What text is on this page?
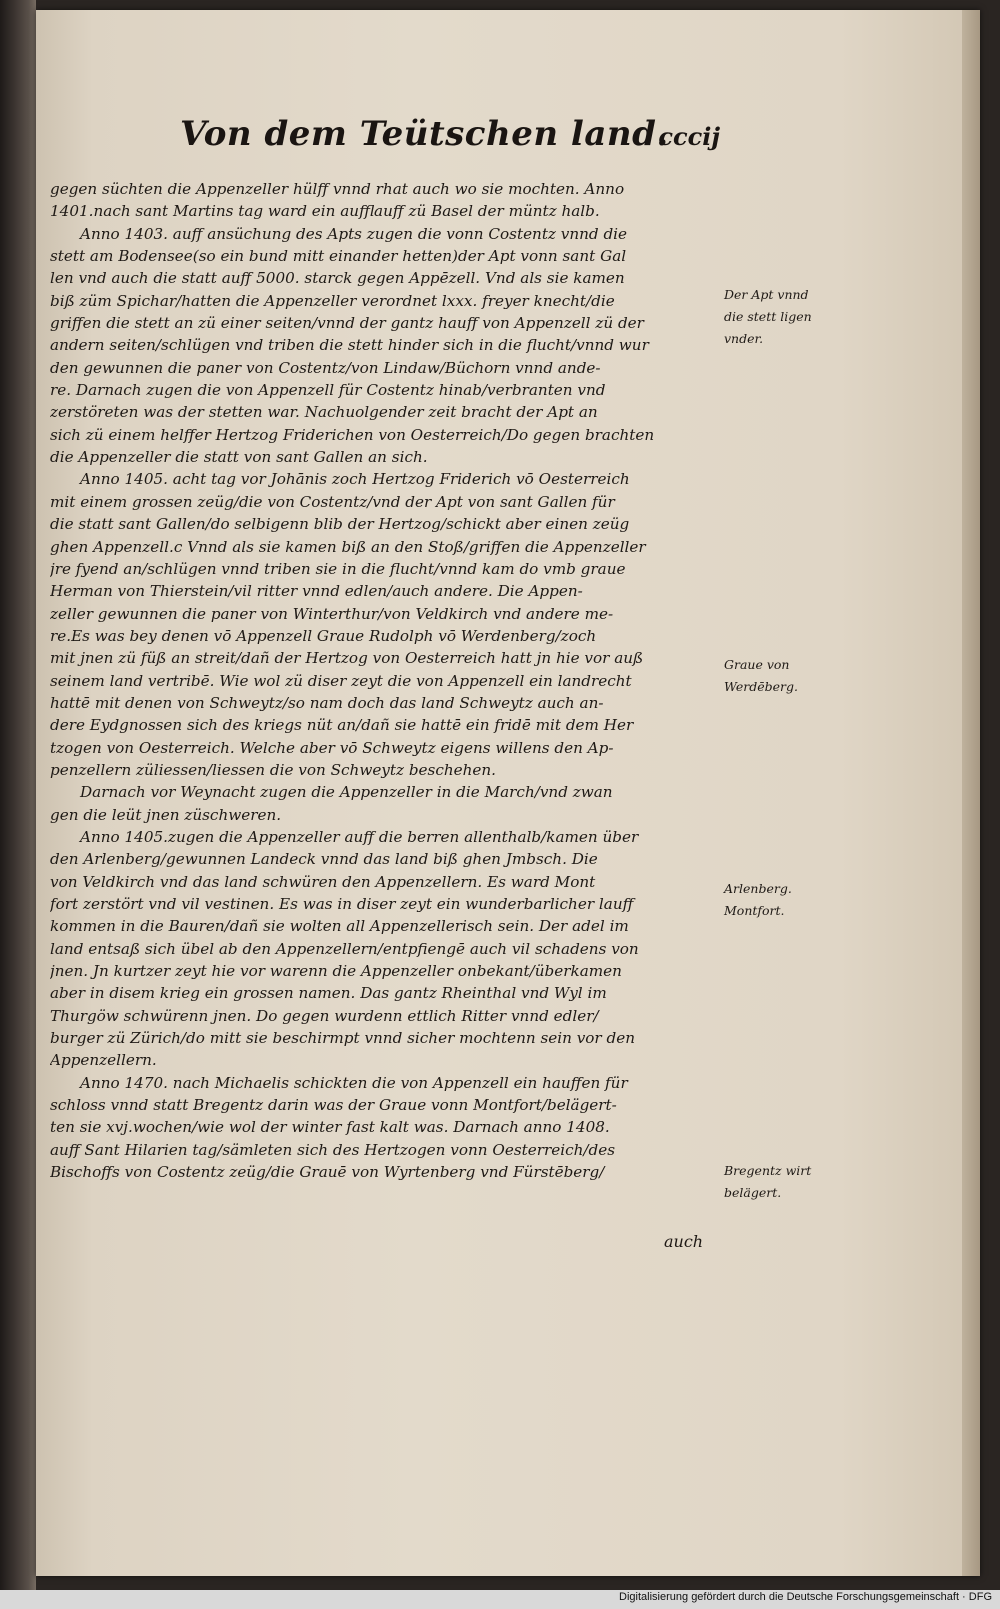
Von dem Teütschen land.
cccij
gegen süchten die Appenzeller hülff vnnd rhat auch wo sie mochten. Anno
1401.nach sant Martins tag ward ein aufflauff zü Basel der müntz halb.
Anno 1403. auff ansüchung des Apts zugen die vonn Costentz vnnd die
stett am Bodensee(so ein bund mitt einander hetten)der Apt vonn sant Gal
len vnd auch die statt auff 5000. starck gegen Appēzell. Vnd als sie kamen
biß züm Spichar/hatten die Appenzeller verordnet lxxx. freyer knecht/die
griffen die stett an zü einer seiten/vnnd der gantz hauff von Appenzell zü der
andern seiten/schlügen vnd triben die stett hinder sich in die flucht/vnnd wur
den gewunnen die paner von Costentz/von Lindaw/Büchorn vnnd ande-
re. Darnach zugen die von Appenzell für Costentz hinab/verbranten vnd
zerstöreten was der stetten war. Nachuolgender zeit bracht der Apt an
sich zü einem helffer Hertzog Friderichen von Oesterreich/Do gegen brachten
die Appenzeller die statt von sant Gallen an sich.
Anno 1405. acht tag vor Johānis zoch Hertzog Friderich vō Oesterreich
mit einem grossen zeüg/die von Costentz/vnd der Apt von sant Gallen für
die statt sant Gallen/do selbigenn blib der Hertzog/schickt aber einen zeüg
ghen Appenzell.c Vnnd als sie kamen biß an den Stoß/griffen die Appenzeller
jre fyend an/schlügen vnnd triben sie in die flucht/vnnd kam do vmb graue
Herman von Thierstein/vil ritter vnnd edlen/auch andere. Die Appen-
zeller gewunnen die paner von Winterthur/von Veldkirch vnd andere me-
re.Es was bey denen vō Appenzell Graue Rudolph vō Werdenberg/zoch
mit jnen zü füß an streit/dañ der Hertzog von Oesterreich hatt jn hie vor auß
seinem land vertribē. Wie wol zü diser zeyt die von Appenzell ein landrecht
hattē mit denen von Schweytz/so nam doch das land Schweytz auch an-
dere Eydgnossen sich des kriegs nüt an/dañ sie hattē ein fridē mit dem Her
tzogen von Oesterreich. Welche aber vō Schweytz eigens willens den Ap-
penzellern züliessen/liessen die von Schweytz beschehen.
Darnach vor Weynacht zugen die Appenzeller in die March/vnd zwan
gen die leüt jnen züschweren.
Anno 1405.zugen die Appenzeller auff die berren allenthalb/kamen über
den Arlenberg/gewunnen Landeck vnnd das land biß ghen Jmbsch. Die
von Veldkirch vnd das land schwüren den Appenzellern. Es ward Mont
fort zerstört vnd vil vestinen. Es was in diser zeyt ein wunderbarlicher lauff
kommen in die Bauren/dañ sie wolten all Appenzellerisch sein. Der adel im
land entsaß sich übel ab den Appenzellern/entpfiengē auch vil schadens von
jnen. Jn kurtzer zeyt hie vor warenn die Appenzeller onbekant/überkamen
aber in disem krieg ein grossen namen. Das gantz Rheinthal vnd Wyl im
Thurgöw schwürenn jnen. Do gegen wurdenn ettlich Ritter vnnd edler/
burger zü Zürich/do mitt sie beschirmpt vnnd sicher mochtenn sein vor den
Appenzellern.
Anno 1470. nach Michaelis schickten die von Appenzell ein hauffen für
schloss vnnd statt Bregentz darin was der Graue vonn Montfort/belägert-
ten sie xvj.wochen/wie wol der winter fast kalt was. Darnach anno 1408.
auff Sant Hilarien tag/sämleten sich des Hertzogen vonn Oesterreich/des
Bischoffs von Costentz zeüg/die Grauē von Wyrtenberg vnd Fürstēberg/
auch
Der Apt vnnd
die stett ligen
vnder.
Graue von
Werdēberg.
Arlenberg.
Montfort.
Bregentz wirt
belägert.
Digitalisierung gefördert durch die Deutsche Forschungsgemeinschaft · DFG
